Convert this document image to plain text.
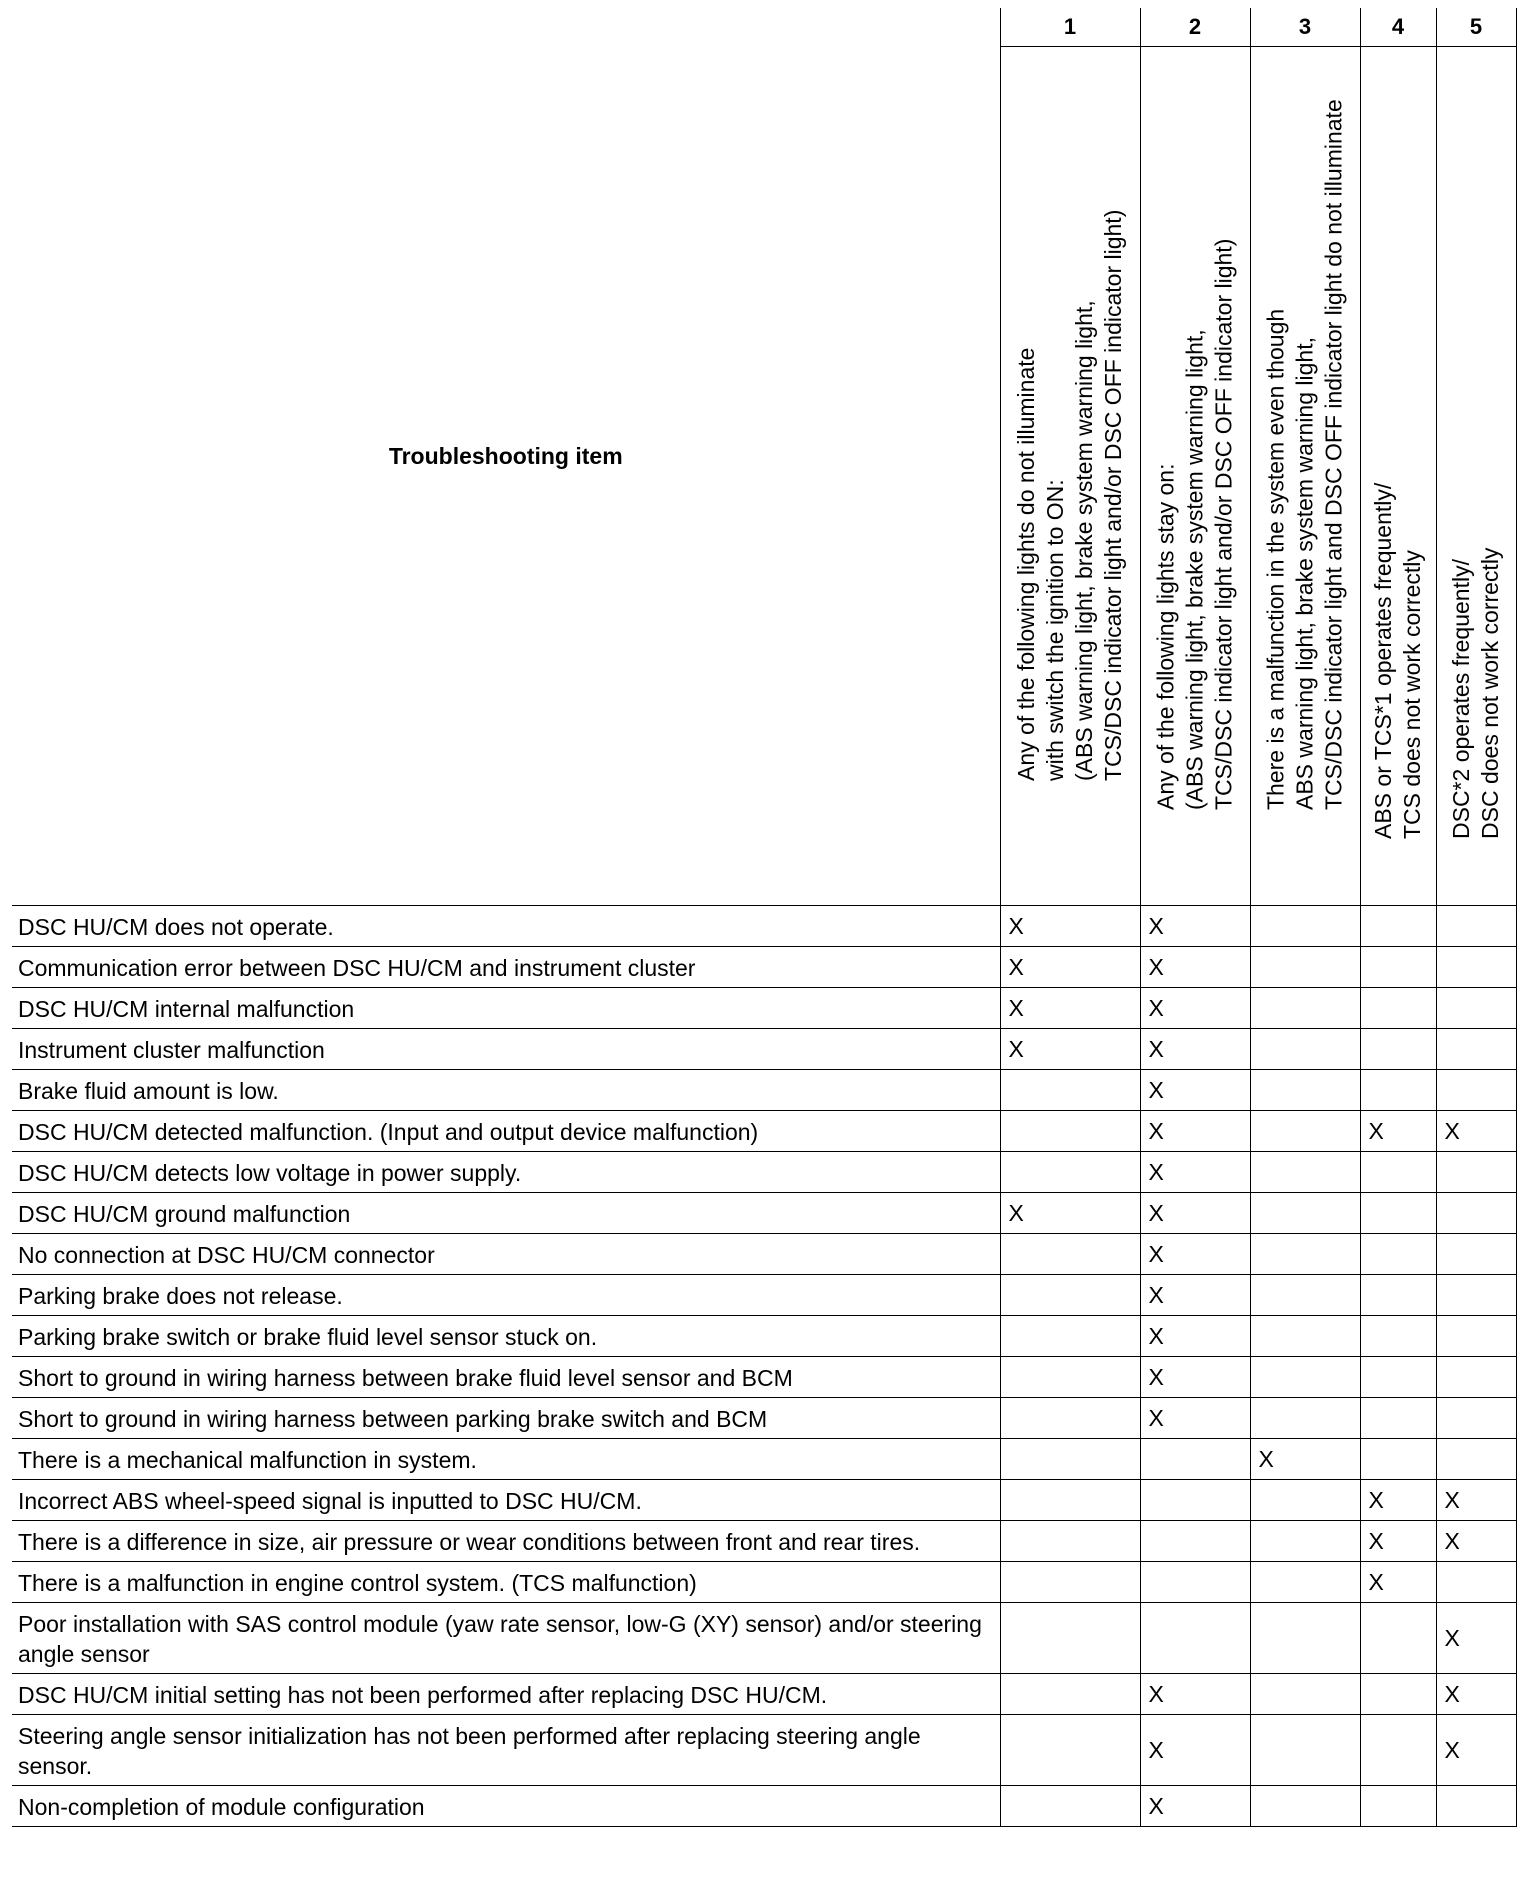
Troubleshooting item	1	2	3	4	5

	Any of the following lights do not illuminate
with switch the ignition to ON:
(ABS warning light, brake system warning light,
TCS/DSC indicator light and/or DSC OFF indicator light)	Any of the following lights stay on:
(ABS warning light, brake system warning light,
TCS/DSC indicator light and/or DSC OFF indicator light)	There is a malfunction in the system even though
ABS warning light, brake system warning light,
TCS/DSC indicator light and DSC OFF indicator light do not illuminate	ABS or TCS*1 operates frequently/
TCS does not work correctly	DSC*2 operates frequently/
DSC does not work correctly

DSC HU/CM does not operate.	X	X			
Communication error between DSC HU/CM and instrument cluster	X	X			
DSC HU/CM internal malfunction	X	X			
Instrument cluster malfunction	X	X			
Brake fluid amount is low.		X			
DSC HU/CM detected malfunction. (Input and output device malfunction)		X		X	X
DSC HU/CM detects low voltage in power supply.		X			
DSC HU/CM ground malfunction	X	X			
No connection at DSC HU/CM connector		X			
Parking brake does not release.		X			
Parking brake switch or brake fluid level sensor stuck on.		X			
Short to ground in wiring harness between brake fluid level sensor and BCM		X			
Short to ground in wiring harness between parking brake switch and BCM		X			
There is a mechanical malfunction in system.			X		
Incorrect ABS wheel-speed signal is inputted to DSC HU/CM.				X	X
There is a difference in size, air pressure or wear conditions between front and rear tires.				X	X
There is a malfunction in engine control system. (TCS malfunction)				X	
Poor installation with SAS control module (yaw rate sensor, low-G (XY) sensor) and/or steering angle sensor					X
DSC HU/CM initial setting has not been performed after replacing DSC HU/CM.		X			X
Steering angle sensor initialization has not been performed after replacing steering angle sensor.		X			X
Non-completion of module configuration		X			
